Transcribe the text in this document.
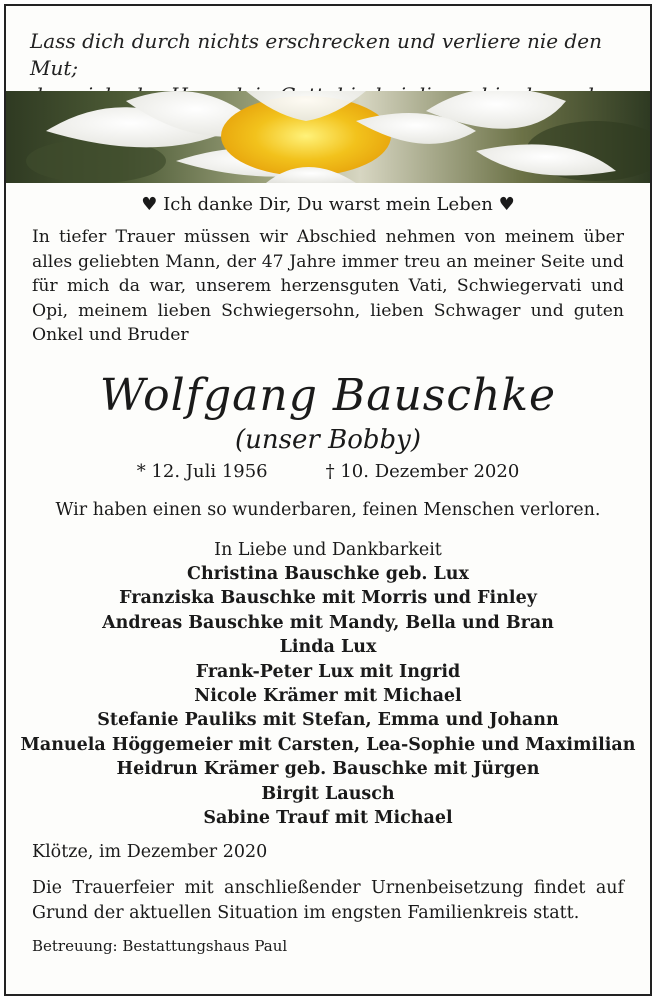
Lass dich durch nichts erschrecken und verliere nie den Mut;
♥ Ich danke Dir, Du warst mein Leben ♥
In tiefer Trauer müssen wir Abschied nehmen von meinem über alles geliebten Mann, der 47 Jahre immer treu an meiner Seite und für mich da war, unserem herzensguten Vati, Schwiegervati und Opi, meinem lieben Schwiegersohn, lieben Schwager und guten Onkel und Bruder
Wolfgang Bauschke
(unser Bobby)
* 12. Juli 1956	† 10. Dezember 2020
Wir haben einen so wunderbaren, feinen Menschen verloren.
In Liebe und Dankbarkeit
Christina Bauschke geb. Lux
Franziska Bauschke mit Morris und Finley
Andreas Bauschke mit Mandy, Bella und Bran
Linda Lux
Frank-Peter Lux mit Ingrid
Nicole Krämer mit Michael
Stefanie Pauliks mit Stefan, Emma und Johann
Manuela Höggemeier mit Carsten, Lea-Sophie und Maximilian
Heidrun Krämer geb. Bauschke mit Jürgen
Birgit Lausch
Sabine Trauf mit Michael
Klötze, im Dezember 2020
Die Trauerfeier mit anschließender Urnenbeisetzung findet auf Grund der aktuellen Situation im engsten Familienkreis statt.
Betreuung: Bestattungshaus Paul
